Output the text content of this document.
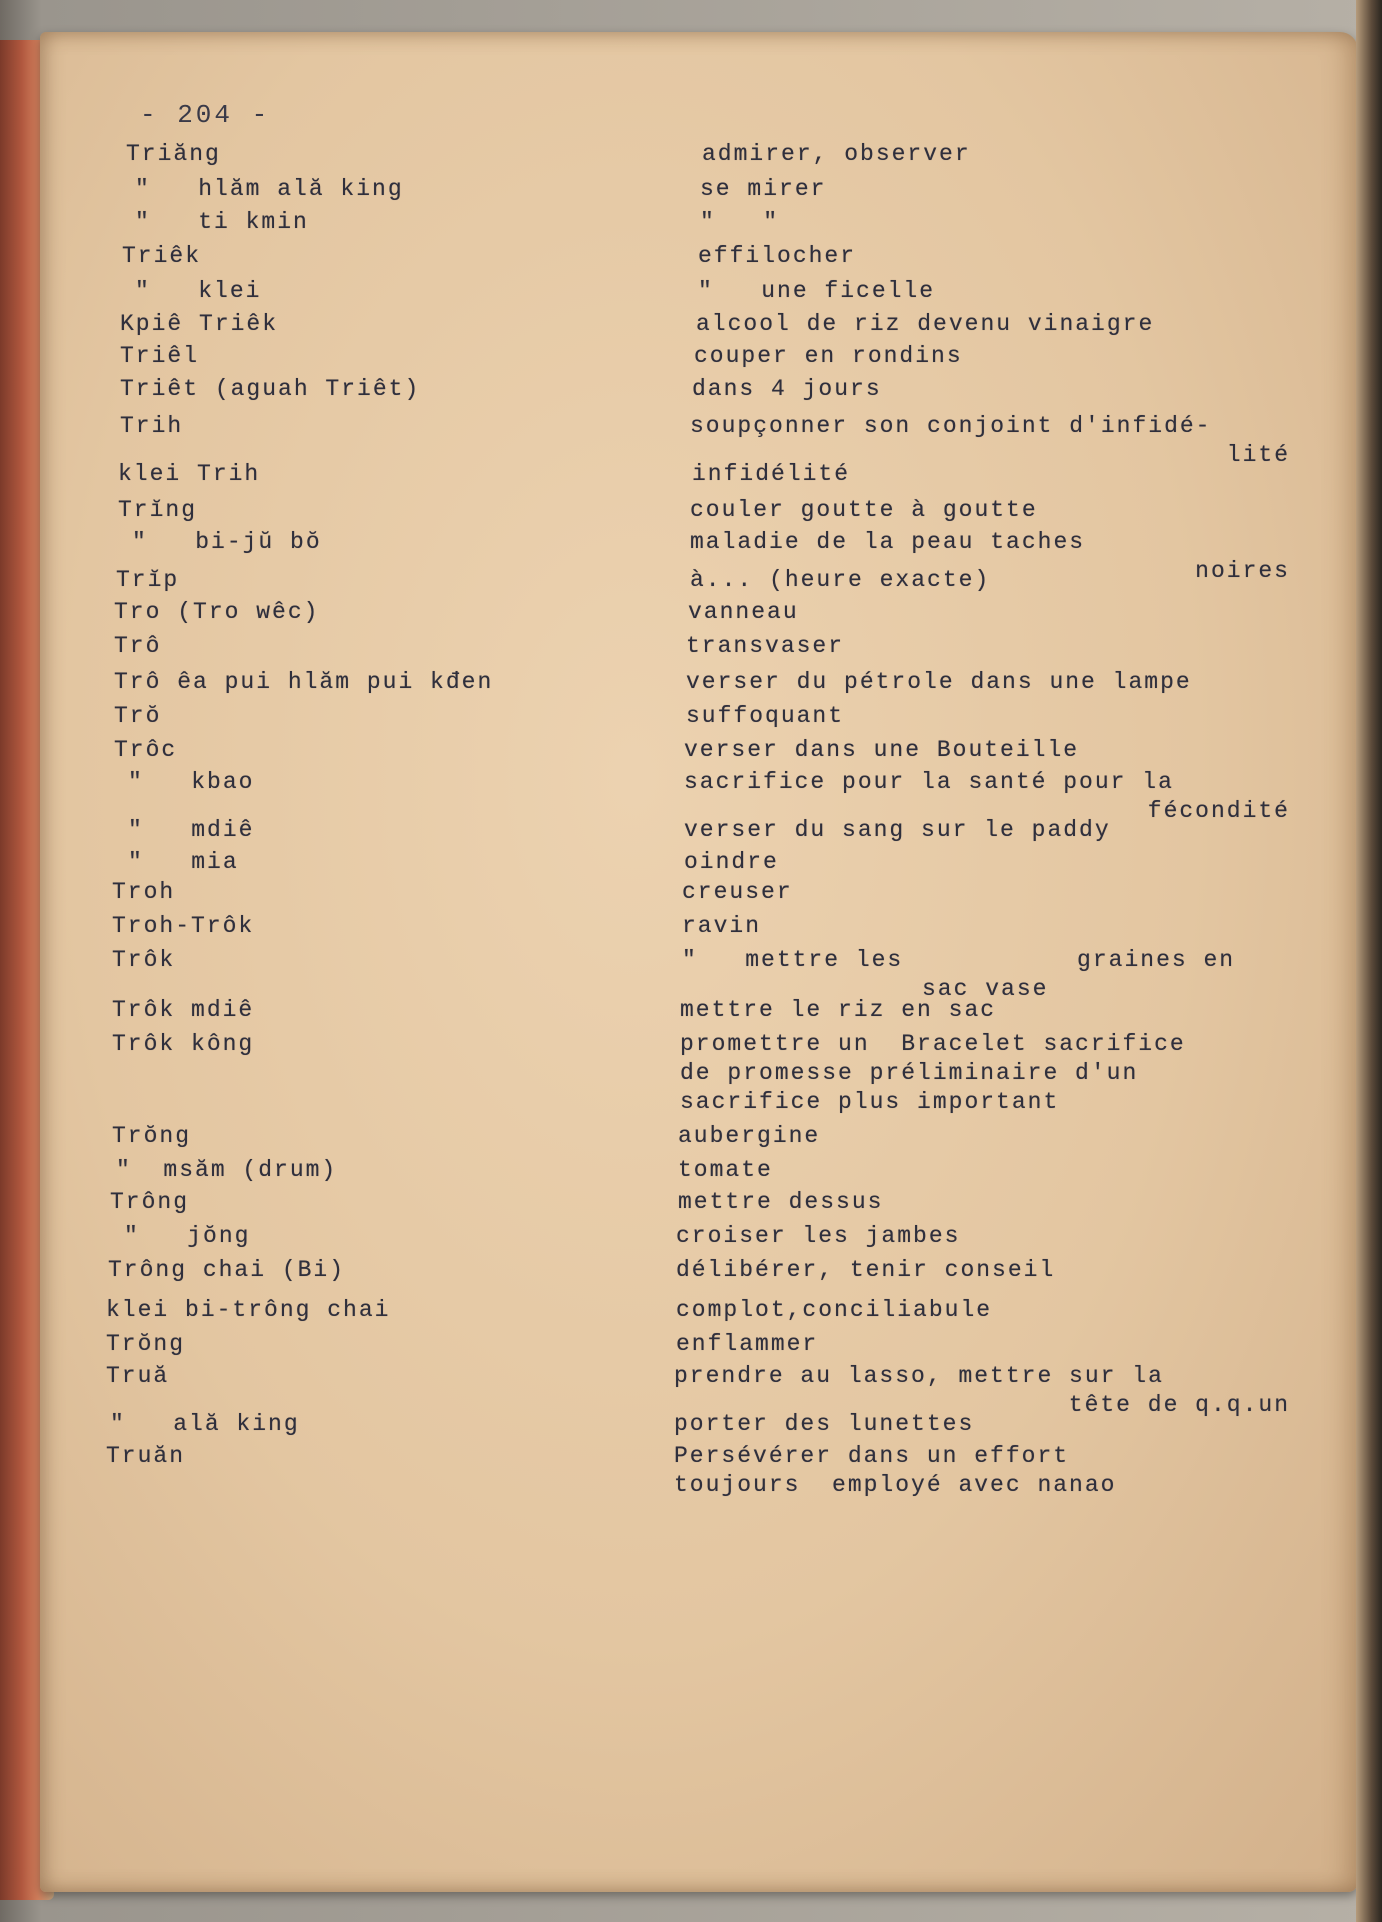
- 204 -
Triăng	admirer, observer
"   hlăm ală king	se mirer
"   ti kmin	"   "
Triêk	effilocher
"   klei	"   une ficelle
Kpiê Triêk	alcool de riz devenu vinaigre
Triêl	couper en rondins
Triêt (aguah Triêt)	dans 4 jours
Trih	soupçonner son conjoint d'infidé-
lité
klei Trih	infidélité
Trĭng	couler goutte à goutte
"   bi-jŭ bŏ	maladie de la peau taches
noires
Trĭp	à... (heure exacte)
Tro (Tro wêc)	vanneau
Trô	transvaser
Trô êa pui hlăm pui kđen	verser du pétrole dans une lampe
Trŏ	suffoquant
Trôc	verser dans une Bouteille
"   kbao	sacrifice pour la santé pour la
fécondité
"   mdiê	verser du sang sur le paddy
"   mia	oindre
Troh	creuser
Troh-Trôk	ravin
Trôk	"   mettre les           graines en
sac vase
Trôk mdiê	mettre le riz en sac
Trôk kông	promettre un  Bracelet sacrifice
de promesse préliminaire d'un
sacrifice plus important
Trŏng	aubergine
"  msăm (drum)	tomate
Trông	mettre dessus
"   jŏng	croiser les jambes
Trông chai (Bi)	délibérer, tenir conseil
klei bi-trông chai	complot,conciliabule
Trŏng	enflammer
Truă	prendre au lasso, mettre sur la
tête de q.q.un
"   ală king	porter des lunettes
Truăn	Persévérer dans un effort
toujours  employé avec nanao
